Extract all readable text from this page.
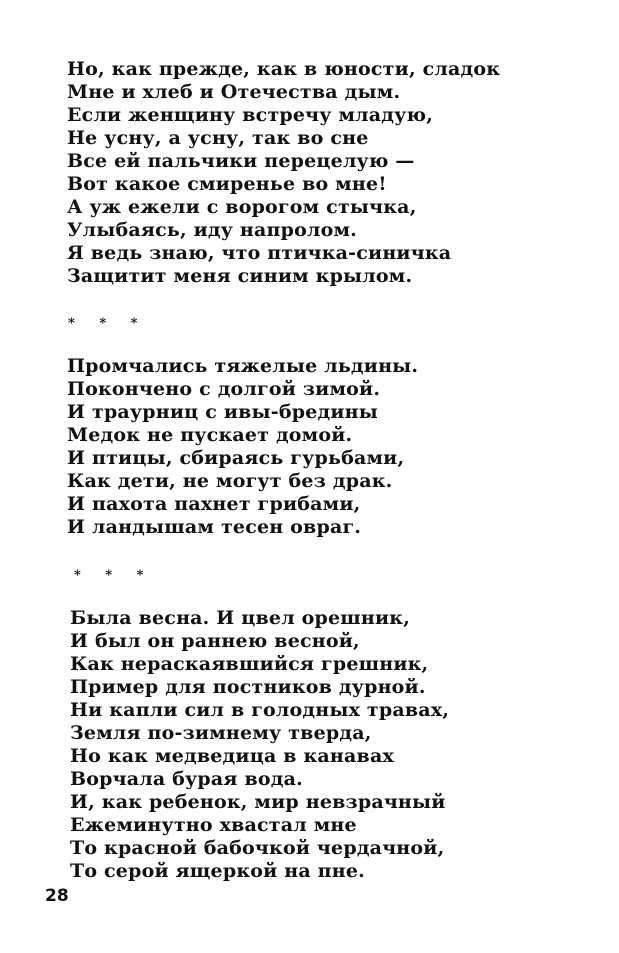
Но, как прежде, как в юности, сладок
Мне и хлеб и Отечества дым.
Если женщину встречу младую,
Не усну, а усну, так во сне
Все ей пальчики перецелую —
Вот какое смиренье во мне!
А уж ежели с ворогом стычка,
Улыбаясь, иду напролом.
Я ведь знаю, что птичка-синичка
Защитит меня синим крылом.
* * *
Промчались тяжелые льдины.
Покончено с долгой зимой.
И траурниц с ивы-бредины
Медок не пускает домой.
И птицы, сбираясь гурьбами,
Как дети, не могут без драк.
И пахота пахнет грибами,
И ландышам тесен овраг.
* * *
Была весна. И цвел орешник,
И был он раннею весной,
Как нераскаявшийся грешник,
Пример для постников дурной.
Ни капли сил в голодных травах,
Земля по-зимнему тверда,
Но как медведица в канавах
Ворчала бурая вода.
И, как ребенок, мир невзрачный
Ежеминутно хвастал мне
То красной бабочкой чердачной,
То серой ящеркой на пне.
28
